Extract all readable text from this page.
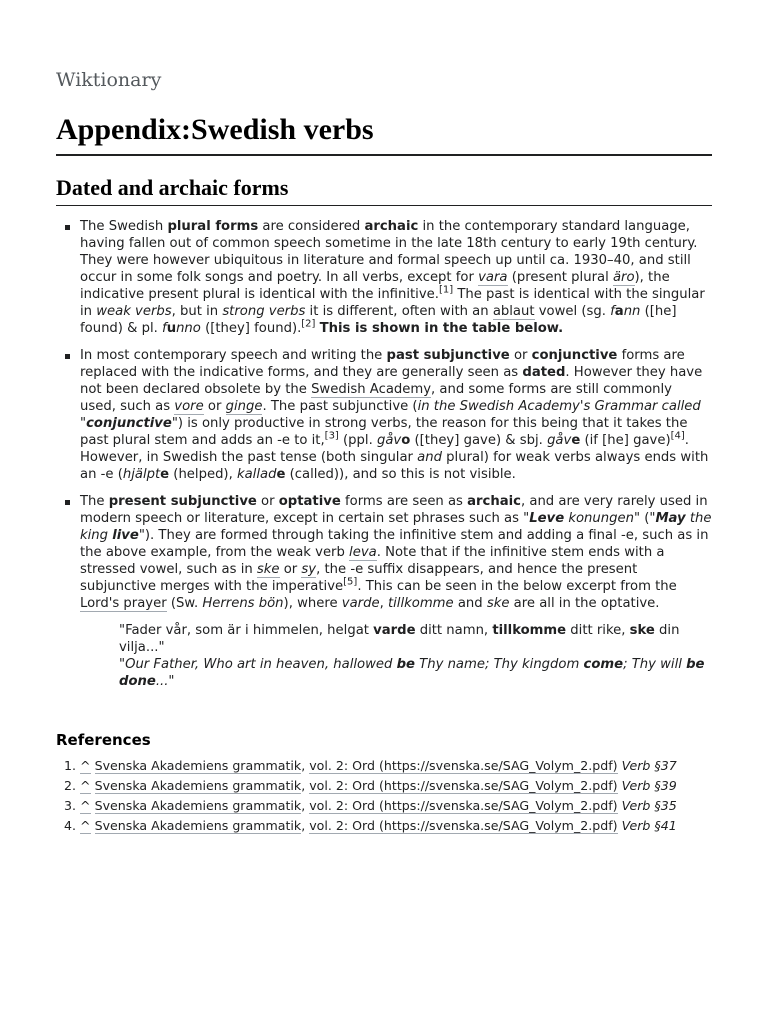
Wiktionary
Appendix:Swedish verbs
Dated and archaic forms
The Swedish plural forms are considered archaic in the contemporary standard language, having fallen out of common speech sometime in the late 18th century to early 19th century. They were however ubiquitous in literature and formal speech up until ca. 1930–40, and still occur in some folk songs and poetry. In all verbs, except for vara (present plural äro), the indicative present plural is identical with the infinitive.[1] The past is identical with the singular in weak verbs, but in strong verbs it is different, often with an ablaut vowel (sg. fann ([he] found) & pl. funno ([they] found).[2] This is shown in the table below.
In most contemporary speech and writing the past subjunctive or conjunctive forms are replaced with the indicative forms, and they are generally seen as dated. However they have not been declared obsolete by the Swedish Academy, and some forms are still commonly used, such as vore or ginge. The past subjunctive (in the Swedish Academy's Grammar called "conjunctive") is only productive in strong verbs, the reason for this being that it takes the past plural stem and adds an -e to it,[3] (ppl. gåvo ([they] gave) & sbj. gåve (if [he] gave)[4]. However, in Swedish the past tense (both singular and plural) for weak verbs always ends with an -e (hjälpte (helped), kallade (called)), and so this is not visible.
The present subjunctive or optative forms are seen as archaic, and are very rarely used in modern speech or literature, except in certain set phrases such as "Leve konungen" ("May the king live"). They are formed through taking the infinitive stem and adding a final -e, such as in the above example, from the weak verb leva. Note that if the infinitive stem ends with a stressed vowel, such as in ske or sy, the -e suffix disappears, and hence the present subjunctive merges with the imperative[5]. This can be seen in the below excerpt from the Lord's prayer (Sw. Herrens bön), where varde, tillkomme and ske are all in the optative.
"Fader vår, som är i himmelen, helgat varde ditt namn, tillkomme ditt rike, ske din vilja..."
"Our Father, Who art in heaven, hallowed be Thy name; Thy kingdom come; Thy will be done..."
References
1. ^ Svenska Akademiens grammatik, vol. 2: Ord (https://svenska.se/SAG_Volym_2.pdf) Verb §37
2. ^ Svenska Akademiens grammatik, vol. 2: Ord (https://svenska.se/SAG_Volym_2.pdf) Verb §39
3. ^ Svenska Akademiens grammatik, vol. 2: Ord (https://svenska.se/SAG_Volym_2.pdf) Verb §35
4. ^ Svenska Akademiens grammatik, vol. 2: Ord (https://svenska.se/SAG_Volym_2.pdf) Verb §41
